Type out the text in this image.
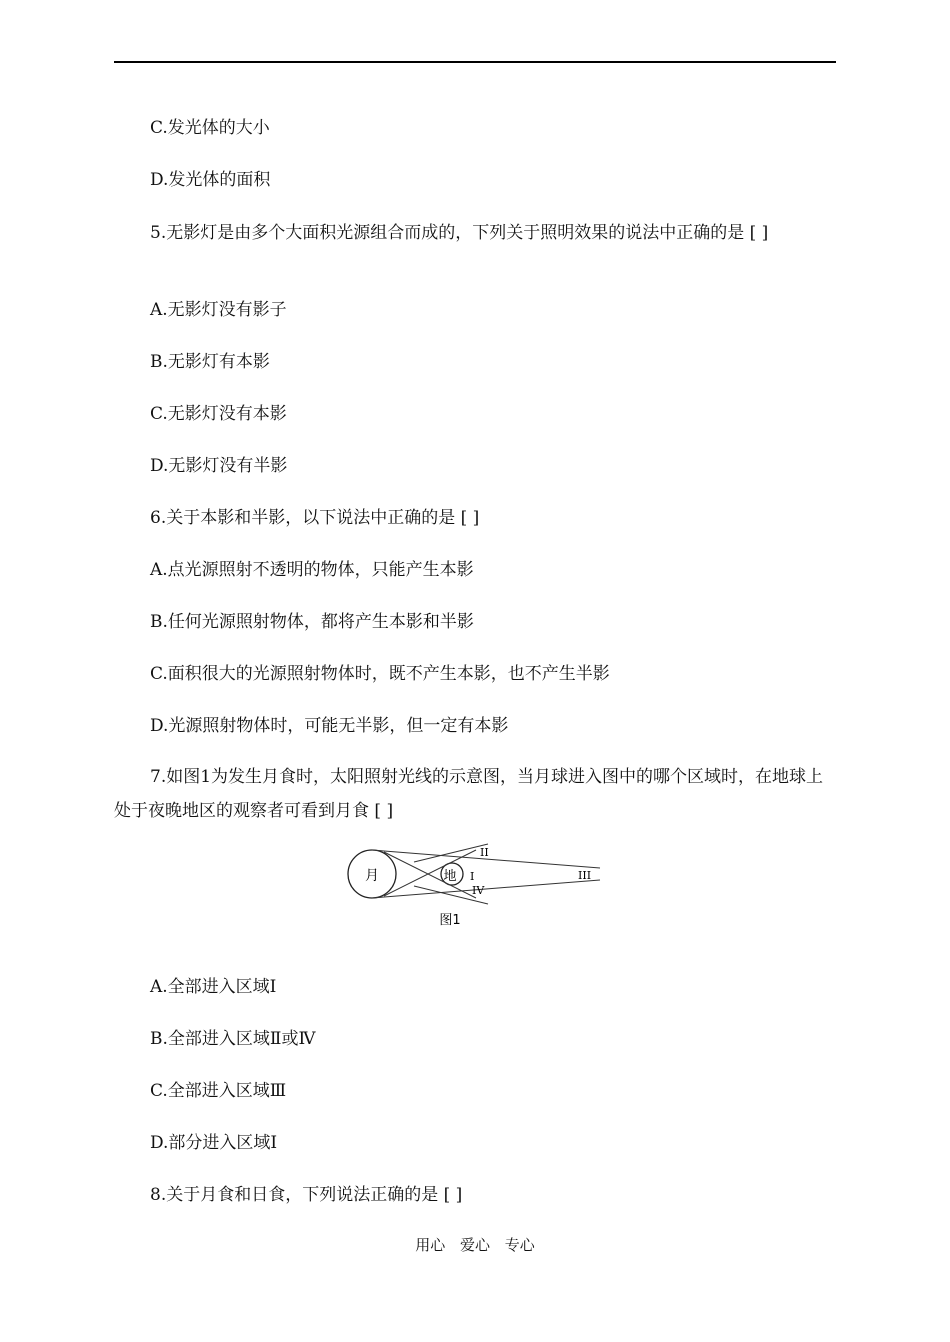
C.发光体的大小
D.发光体的面积
5.无影灯是由多个大面积光源组合而成的，下列关于照明效果的说法中正确的是 [ ]
A.无影灯没有影子
B.无影灯有本影
C.无影灯没有本影
D.无影灯没有半影
6.关于本影和半影，以下说法中正确的是 [ ]
A.点光源照射不透明的物体，只能产生本影
B.任何光源照射物体，都将产生本影和半影
C.面积很大的光源照射物体时，既不产生本影，也不产生半影
D.光源照射物体时，可能无半影，但一定有本影
7.如图1为发生月食时，太阳照射光线的示意图，当月球进入图中的哪个区域时，在地球上处于夜晚地区的观察者可看到月食 [ ]
月	地 I
II
III
IV
图1
A.全部进入区域Ⅰ
B.全部进入区域Ⅱ或Ⅳ
C.全部进入区域Ⅲ
D.部分进入区域Ⅰ
8.关于月食和日食，下列说法正确的是 [ ]
用心 爱心 专心
